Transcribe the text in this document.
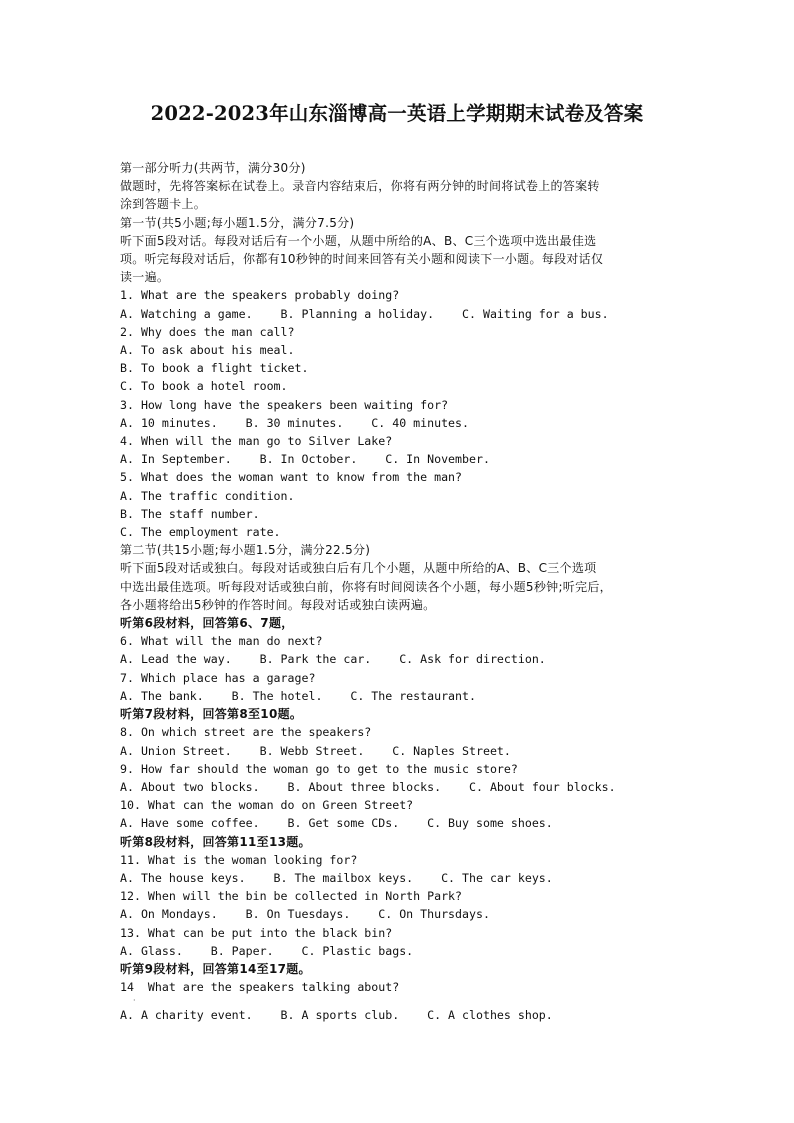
2022-2023年山东淄博高一英语上学期期末试卷及答案
第一部分听力(共两节，满分30分)
做题时，先将答案标在试卷上。录音内容结束后，你将有两分钟的时间将试卷上的答案转
涂到答题卡上。
第一节(共5小题;每小题1.5分，满分7.5分)
听下面5段对话。每段对话后有一个小题，从题中所给的A、B、C三个选项中选出最佳选
项。听完每段对话后，你都有10秒钟的时间来回答有关小题和阅读下一小题。每段对话仅
读一遍。
1. What are the speakers probably doing?
A. Watching a game.    B. Planning a holiday.    C. Waiting for a bus.
2. Why does the man call?
A. To ask about his meal.
B. To book a flight ticket.
C. To book a hotel room.
3. How long have the speakers been waiting for?
A. 10 minutes.    B. 30 minutes.    C. 40 minutes.
4. When will the man go to Silver Lake?
A. In September.    B. In October.    C. In November.
5. What does the woman want to know from the man?
A. The traffic condition.
B. The staff number.
C. The employment rate.
第二节(共15小题;每小题1.5分，满分22.5分)
听下面5段对话或独白。每段对话或独白后有几个小题，从题中所给的A、B、C三个选项
中选出最佳选项。听每段对话或独白前，你将有时间阅读各个小题，每小题5秒钟;听完后，
各小题将给出5秒钟的作答时间。每段对话或独白读两遍。
听第6段材料，回答第6、7题，
6. What will the man do next?
A. Lead the way.    B. Park the car.    C. Ask for direction.
7. Which place has a garage?
A. The bank.    B. The hotel.    C. The restaurant.
听第7段材料，回答第8至10题。
8. On which street are the speakers?
A. Union Street.    B. Webb Street.    C. Naples Street.
9. How far should the woman go to get to the music store?
A. About two blocks.    B. About three blocks.    C. About four blocks.
10. What can the woman do on Green Street?
A. Have some coffee.    B. Get some CDs.    C. Buy some shoes.
听第8段材料，回答第11至13题。
11. What is the woman looking for?
A. The house keys.    B. The mailbox keys.    C. The car keys.
12. When will the bin be collected in North Park?
A. On Mondays.    B. On Tuesdays.    C. On Thursdays.
13. What can be put into the black bin?
A. Glass.    B. Paper.    C. Plastic bags.
听第9段材料，回答第14至17题。
14  What are the speakers talking about?
·
A. A charity event.    B. A sports club.    C. A clothes shop.
